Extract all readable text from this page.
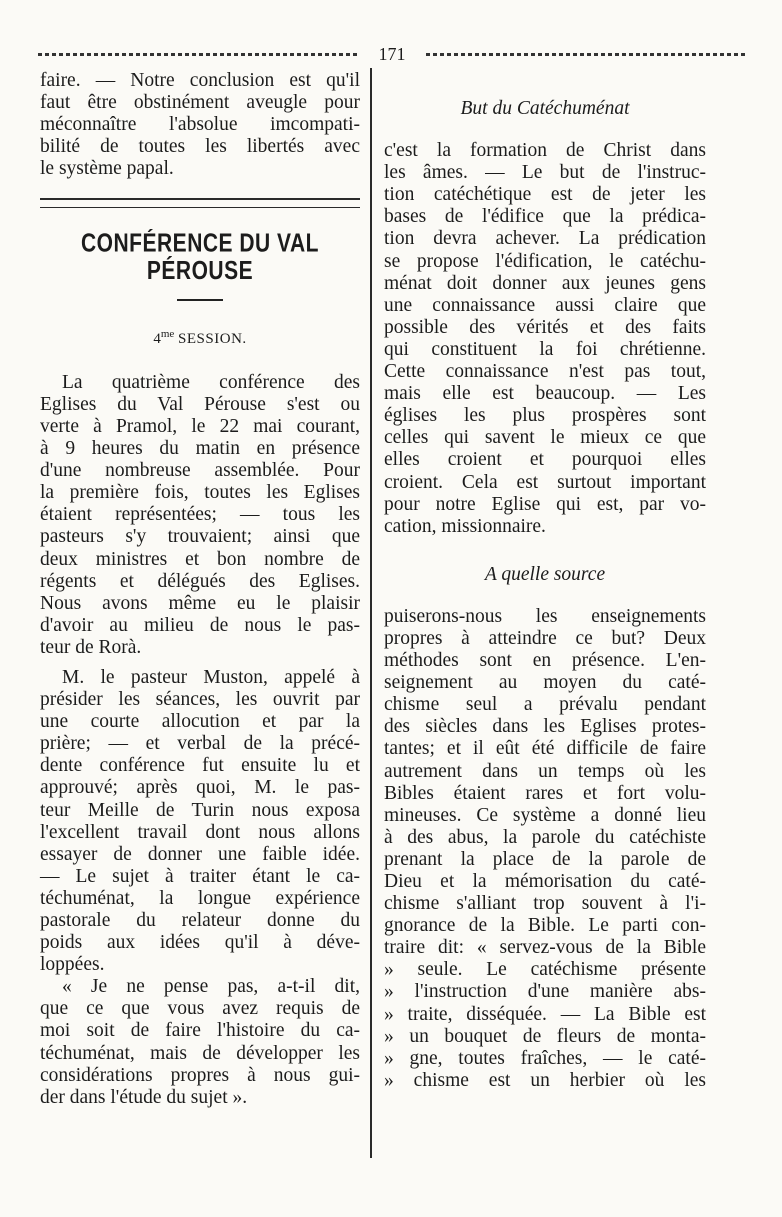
171
faire. — Notre conclusion est qu'il
faut être obstinément aveugle pour
méconnaître l'absolue imcompati-
bilité de toutes les libertés avec
le système papal.
CONFÉRENCE DU VAL PÉROUSE
$4^{me}$ SESSION.
La quatrième conférence des
Eglises du Val Pérouse s'est ou
verte à Pramol, le 22 mai courant,
à 9 heures du matin en présence
d'une nombreuse assemblée. Pour
la première fois, toutes les Eglises
étaient représentées; — tous les
pasteurs s'y trouvaient; ainsi que
deux ministres et bon nombre de
régents et délégués des Eglises.
Nous avons même eu le plaisir
d'avoir au milieu de nous le pas-
teur de Rorà.
M. le pasteur Muston, appelé à
présider les séances, les ouvrit par
une courte allocution et par la
prière; — et verbal de la précé-
dente conférence fut ensuite lu et
approuvé; après quoi, M. le pas-
teur Meille de Turin nous exposa
l'excellent travail dont nous allons
essayer de donner une faible idée.
— Le sujet à traiter étant le ca-
téchuménat, la longue expérience
pastorale du relateur donne du
poids aux idées qu'il à déve-
loppées.
« Je ne pense pas, a-t-il dit,
que ce que vous avez requis de
moi soit de faire l'histoire du ca-
téchuménat, mais de développer les
considérations propres à nous gui-
der dans l'étude du sujet ».
But du Catéchuménat
c'est la formation de Christ dans
les âmes. — Le but de l'instruc-
tion catéchétique est de jeter les
bases de l'édifice que la prédica-
tion devra achever. La prédication
se propose l'édification, le catéchu-
ménat doit donner aux jeunes gens
une connaissance aussi claire que
possible des vérités et des faits
qui constituent la foi chrétienne.
Cette connaissance n'est pas tout,
mais elle est beaucoup. — Les
églises les plus prospères sont
celles qui savent le mieux ce que
elles croient et pourquoi elles
croient. Cela est surtout important
pour notre Eglise qui est, par vo-
cation, missionnaire.
A quelle source
puiserons-nous les enseignements
propres à atteindre ce but? Deux
méthodes sont en présence. L'en-
seignement au moyen du caté-
chisme seul a prévalu pendant
des siècles dans les Eglises protes-
tantes; et il eût été difficile de faire
autrement dans un temps où les
Bibles étaient rares et fort volu-
mineuses. Ce système a donné lieu
à des abus, la parole du catéchiste
prenant la place de la parole de
Dieu et la mémorisation du caté-
chisme s'alliant trop souvent à l'i-
gnorance de la Bible. Le parti con-
traire dit: « servez-vous de la Bible
» seule. Le catéchisme présente
» l'instruction d'une manière abs-
» traite, disséquée. — La Bible est
» un bouquet de fleurs de monta-
» gne, toutes fraîches, — le caté-
» chisme est un herbier où les
